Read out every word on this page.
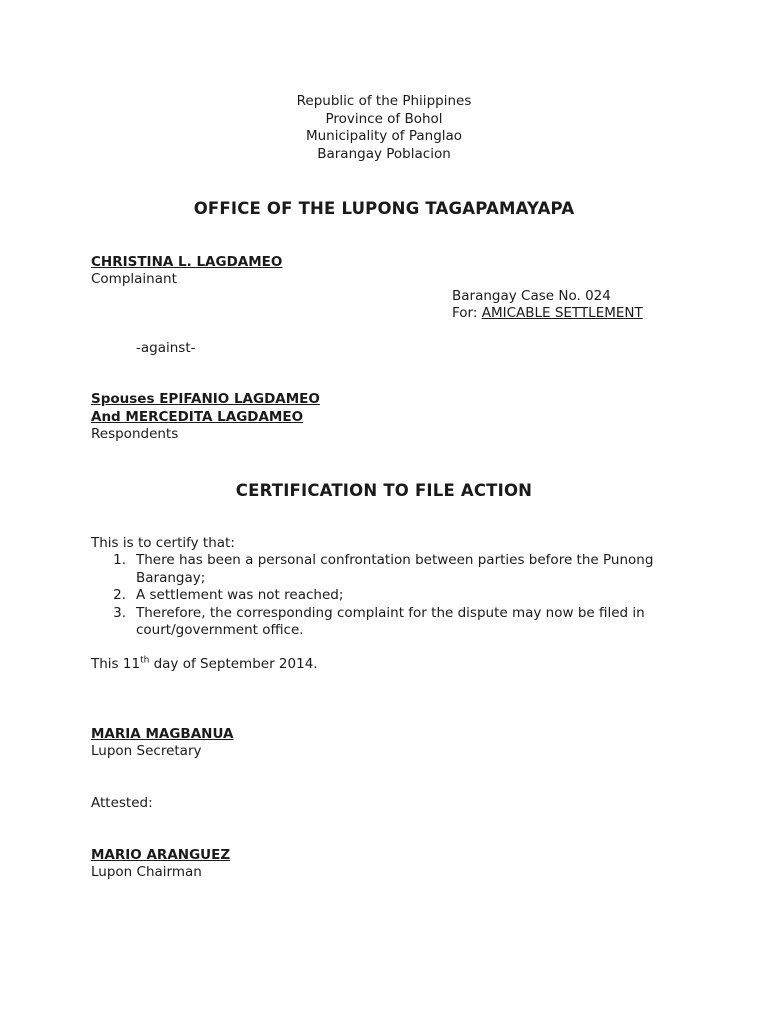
Republic of the Phiippines
Province of Bohol
Municipality of Panglao
Barangay Poblacion
OFFICE OF THE LUPONG TAGAPAMAYAPA
CHRISTINA L. LAGDAMEO
Complainant
Barangay Case No. 024
For: AMICABLE SETTLEMENT
-against-
Spouses EPIFANIO LAGDAMEO
And MERCEDITA LAGDAMEO
Respondents
CERTIFICATION TO FILE ACTION
This is to certify that:
1. There has been a personal confrontation between parties before the Punong Barangay;
2. A settlement was not reached;
3. Therefore, the corresponding complaint for the dispute may now be filed in court/government office.
This 11th day of September 2014.
MARIA MAGBANUA
Lupon Secretary
Attested:
MARIO ARANGUEZ
Lupon Chairman
